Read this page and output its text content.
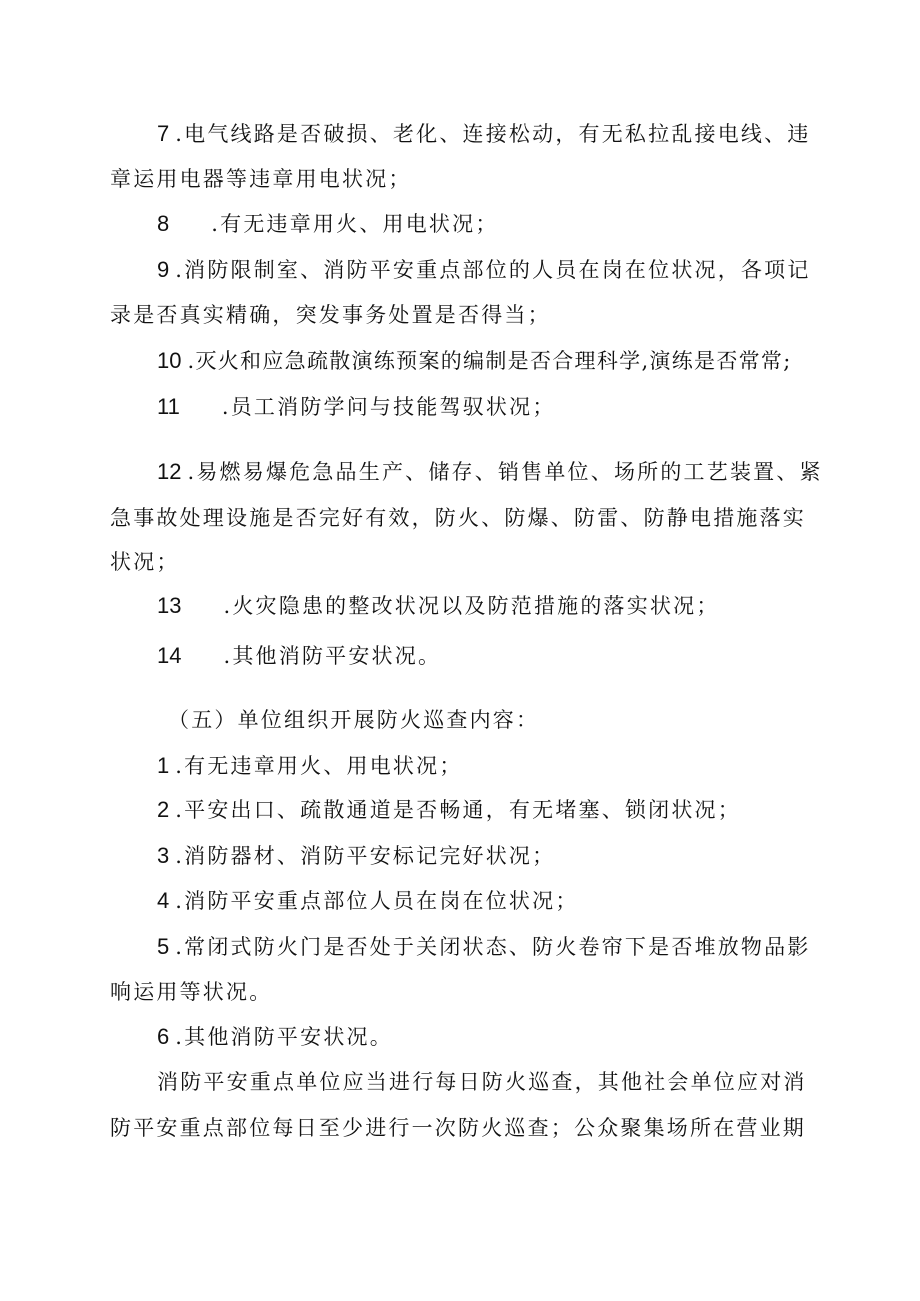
7 .电气线路是否破损、老化、连接松动，有无私拉乱接电线、违
章运用电器等违章用电状况；
8 .有无违章用火、用电状况；
9 .消防限制室、消防平安重点部位的人员在岗在位状况，各项记
录是否真实精确，突发事务处置是否得当；
10 .灭火和应急疏散演练预案的编制是否合理科学,演练是否常常;
11 .员工消防学问与技能驾驭状况；
12 .易燃易爆危急品生产、储存、销售单位、场所的工艺装置、紧
急事故处理设施是否完好有效，防火、防爆、防雷、防静电措施落实
状况；
13 .火灾隐患的整改状况以及防范措施的落实状况；
14 .其他消防平安状况。
（五）单位组织开展防火巡查内容：
1 .有无违章用火、用电状况；
2 .平安出口、疏散通道是否畅通，有无堵塞、锁闭状况；
3 .消防器材、消防平安标记完好状况；
4 .消防平安重点部位人员在岗在位状况；
5 .常闭式防火门是否处于关闭状态、防火卷帘下是否堆放物品影
响运用等状况。
6 .其他消防平安状况。
消防平安重点单位应当进行每日防火巡查，其他社会单位应对消
防平安重点部位每日至少进行一次防火巡查；公众聚集场所在营业期
